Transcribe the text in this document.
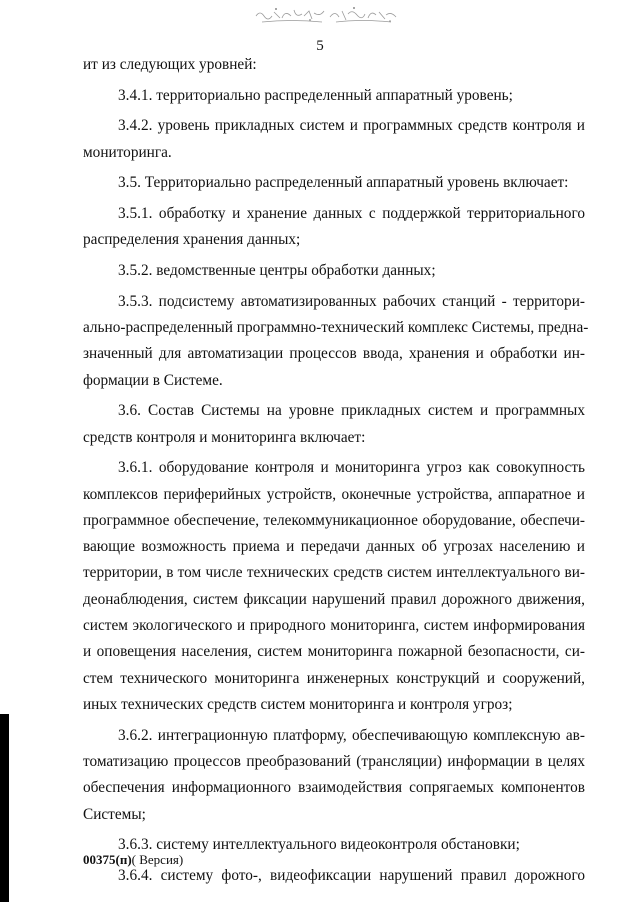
5

ит из следующих уровней:

3.4.1. территориально распределенный аппаратный уровень;

3.4.2. уровень прикладных систем и программных средств контроля и
мониторинга.

3.5. Территориально распределенный аппаратный уровень включает:

3.5.1. обработку и хранение данных с поддержкой территориального
распределения хранения данных;

3.5.2. ведомственные центры обработки данных;

3.5.3. подсистему автоматизированных рабочих станций - территори-
ально-распределенный программно-технический комплекс Системы, предна-
значенный для автоматизации процессов ввода, хранения и обработки ин-
формации в Системе.

3.6. Состав Системы на уровне прикладных систем и программных
средств контроля и мониторинга включает:

3.6.1. оборудование контроля и мониторинга угроз как совокупность
комплексов периферийных устройств, оконечные устройства, аппаратное и
программное обеспечение, телекоммуникационное оборудование, обеспечи-
вающие возможность приема и передачи данных об угрозах населению и
территории, в том числе технических средств систем интеллектуального ви-
деонаблюдения, систем фиксации нарушений правил дорожного движения,
систем экологического и природного мониторинга, систем информирования
и оповещения населения, систем мониторинга пожарной безопасности, си-
стем технического мониторинга инженерных конструкций и сооружений,
иных технических средств систем мониторинга и контроля угроз;

3.6.2. интеграционную платформу, обеспечивающую комплексную ав-
томатизацию процессов преобразований (трансляции) информации в целях
обеспечения информационного взаимодействия сопрягаемых компонентов
Системы;

3.6.3. систему интеллектуального видеоконтроля обстановки;

3.6.4. систему фото-, видеофиксации нарушений правил дорожного

00375(п)( Версия)
